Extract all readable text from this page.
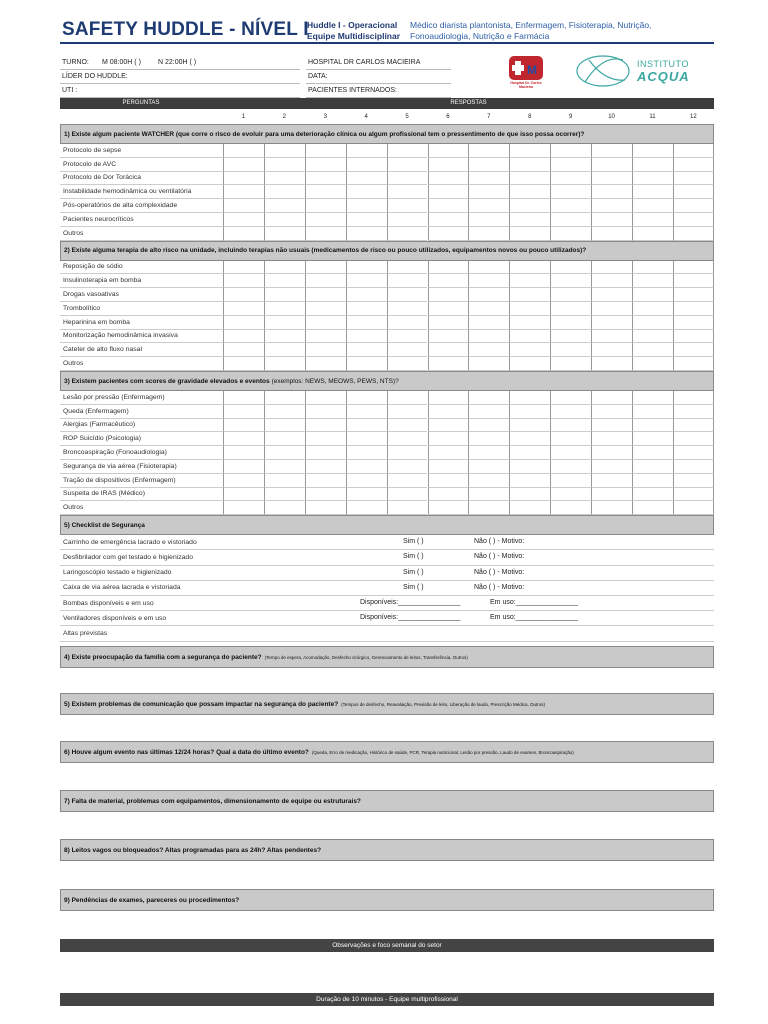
SAFETY HUDDLE - NÍVEL I
Huddle I - Operacional
Equipe Multidisciplinar
Médico diarista plantonista, Enfermagem, Fisioterapia, Nutrição,
Fonoaudiologia, Nutrição e Farmácia
TURNO: M 08:00H ( ) N 22:00H ( )
LÍDER DO HUDDLE:
UTI :
HOSPITAL DR CARLOS MACIEIRA
DATA:
PACIENTES INTERNADOS:
M
Hospital Dr. Carlos Macieira
INSTITUTO
ACQUA
PERGUNTAS	RESPOSTAS
1	2	3	4	5	6	7	8	9	10	11	12
1) Existe algum paciente WATCHER (que corre o risco de evoluir para uma deterioração clínica ou algum profissional tem o pressentimento de que isso possa ocorrer)?
Protocolo de sepse
Protocolo de AVC
Protocolo de Dor Torácica
Instabilidade hemodinâmica ou ventilatória
Pós-operatórios de alta complexidade
Pacientes neurocríticos
Outros
2) Existe alguma terapia de alto risco na unidade, incluindo terapias não usuais (medicamentos de risco ou pouco utilizados, equipamentos novos ou pouco utilizados)?
Reposição de sódio
Insulinoterapia em bomba
Drogas vasoativas
Trombolítico
Heparinina em bomba
Monitorização hemodinâmica invasiva
Cateter de alto fluxo nasal
Outros
3) Existem pacientes com scores de gravidade elevados e eventos (exemplos: NEWS, MEOWS, PEWS, NTS)?
Lesão por pressão (Enfermagem)
Queda (Enfermagem)
Alergias (Farmacêutico)
ROP Suicídio (Psicologia)
Broncoaspiração (Fonoaudiologia)
Segurança de via aérea (Fisioterapia)
Tração de dispositivos (Enfermagem)
Suspeita de IRAS (Médico)
Outros
5) Checklist de Segurança
Carrinho de emergência lacrado e vistoriado	Sim ( )	Não ( ) - Motivo:
Desfibrilador com gel testado e higienizado	Sim ( )	Não ( ) - Motivo:
Laringoscópio testado e higienizado	Sim ( )	Não ( ) - Motivo:
Caixa de via aérea lacrada e vistoriada	Sim ( )	Não ( ) - Motivo:
Bombas disponíveis e em uso	Disponíveis:________________	Em uso:________________
Ventiladores disponíveis e em uso	Disponíveis:________________	Em uso:________________
Altas previstas
4) Existe preocupação da família com a segurança do paciente? (Tempo de espera, Acomodação, Desfecho cirúrgico, Gerenciamento de leitos, Transferência, Outros)
5) Existem problemas de comunicação que possam impactar na segurança do paciente? (Tempos de desfecho, Reavaliação, Previsão de leito, Liberação de laudo, Prescrição Médica, Outros)
6) Houve algum evento nas últimas 12/24 horas? Qual a data do último evento? (Queda, Erro de medicação, Histórico de saúde, PCR, Terapia nutricional, Lesão por pressão, Laudo de exames, Broncoaspiração)
7) Falta de material, problemas com equipamentos, dimensionamento de equipe ou estruturais?
8) Leitos vagos ou bloqueados? Altas programadas para as 24h? Altas pendentes?
9) Pendências de exames, pareceres ou procedimentos?
Observações e foco semanal do setor
Duração de 10 minutos - Equipe multiprofissional
